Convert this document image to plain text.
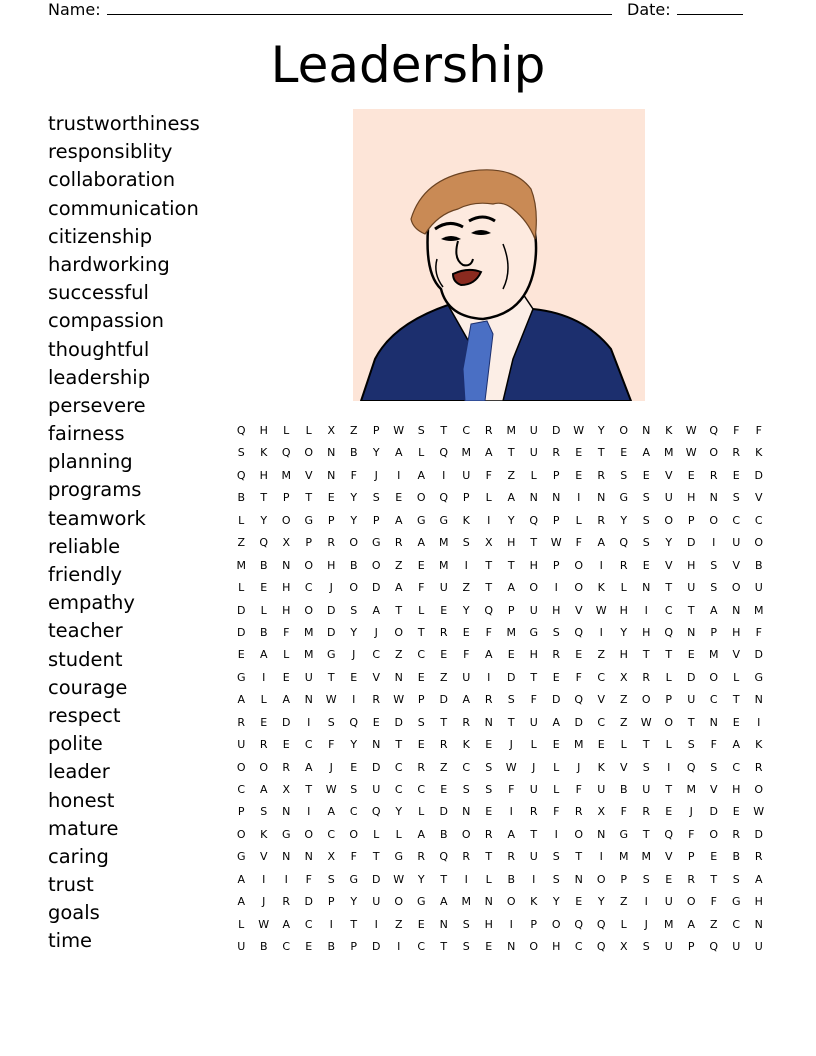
Name:	Date:
Leadership
trustworthiness
responsiblity
collaboration
communication
citizenship
hardworking
successful
compassion
thoughtful
leadership
persevere
fairness
planning
programs
teamwork
reliable
friendly
empathy
teacher
student
courage
respect
polite
leader
honest
mature
caring
trust
goals
time
Q	H	L	L	X	Z	P	W	S	T	C	R	M	U	D	W	Y	O	N	K	W	Q	F	F
S	K	Q	O	N	B	Y	A	L	Q	M	A	T	U	R	E	T	E	A	M	W	O	R	K
Q	H	M	V	N	F	J	I	A	I	U	F	Z	L	P	E	R	S	E	V	E	R	E	D
B	T	P	T	E	Y	S	E	O	Q	P	L	A	N	N	I	N	G	S	U	H	N	S	V
L	Y	O	G	P	Y	P	A	G	G	K	I	Y	Q	P	L	R	Y	S	O	P	O	C	C
Z	Q	X	P	R	O	G	R	A	M	S	X	H	T	W	F	A	Q	S	Y	D	I	U	O
M	B	N	O	H	B	O	Z	E	M	I	T	T	H	P	O	I	R	E	V	H	S	V	B
L	E	H	C	J	O	D	A	F	U	Z	T	A	O	I	O	K	L	N	T	U	S	O	U
D	L	H	O	D	S	A	T	L	E	Y	Q	P	U	H	V	W	H	I	C	T	A	N	M
D	B	F	M	D	Y	J	O	T	R	E	F	M	G	S	Q	I	Y	H	Q	N	P	H	F
E	A	L	M	G	J	C	Z	C	E	F	A	E	H	R	E	Z	H	T	T	E	M	V	D
G	I	E	U	T	E	V	N	E	Z	U	I	D	T	E	F	C	X	R	L	D	O	L	G
A	L	A	N	W	I	R	W	P	D	A	R	S	F	D	Q	V	Z	O	P	U	C	T	N
R	E	D	I	S	Q	E	D	S	T	R	N	T	U	A	D	C	Z	W	O	T	N	E	I
U	R	E	C	F	Y	N	T	E	R	K	E	J	L	E	M	E	L	T	L	S	F	A	K
O	O	R	A	J	E	D	C	R	Z	C	S	W	J	L	J	K	V	S	I	Q	S	C	R
C	A	X	T	W	S	U	C	C	E	S	S	F	U	L	F	U	B	U	T	M	V	H	O
P	S	N	I	A	C	Q	Y	L	D	N	E	I	R	F	R	X	F	R	E	J	D	E	W
O	K	G	O	C	O	L	L	A	B	O	R	A	T	I	O	N	G	T	Q	F	O	R	D
G	V	N	N	X	F	T	G	R	Q	R	T	R	U	S	T	I	M	M	V	P	E	B	R
A	I	I	F	S	G	D	W	Y	T	I	L	B	I	S	N	O	P	S	E	R	T	S	A
A	J	R	D	P	Y	U	O	G	A	M	N	O	K	Y	E	Y	Z	I	U	O	F	G	H
L	W	A	C	I	T	I	Z	E	N	S	H	I	P	O	Q	Q	L	J	M	A	Z	C	N
U	B	C	E	B	P	D	I	C	T	S	E	N	O	H	C	Q	X	S	U	P	Q	U	U
